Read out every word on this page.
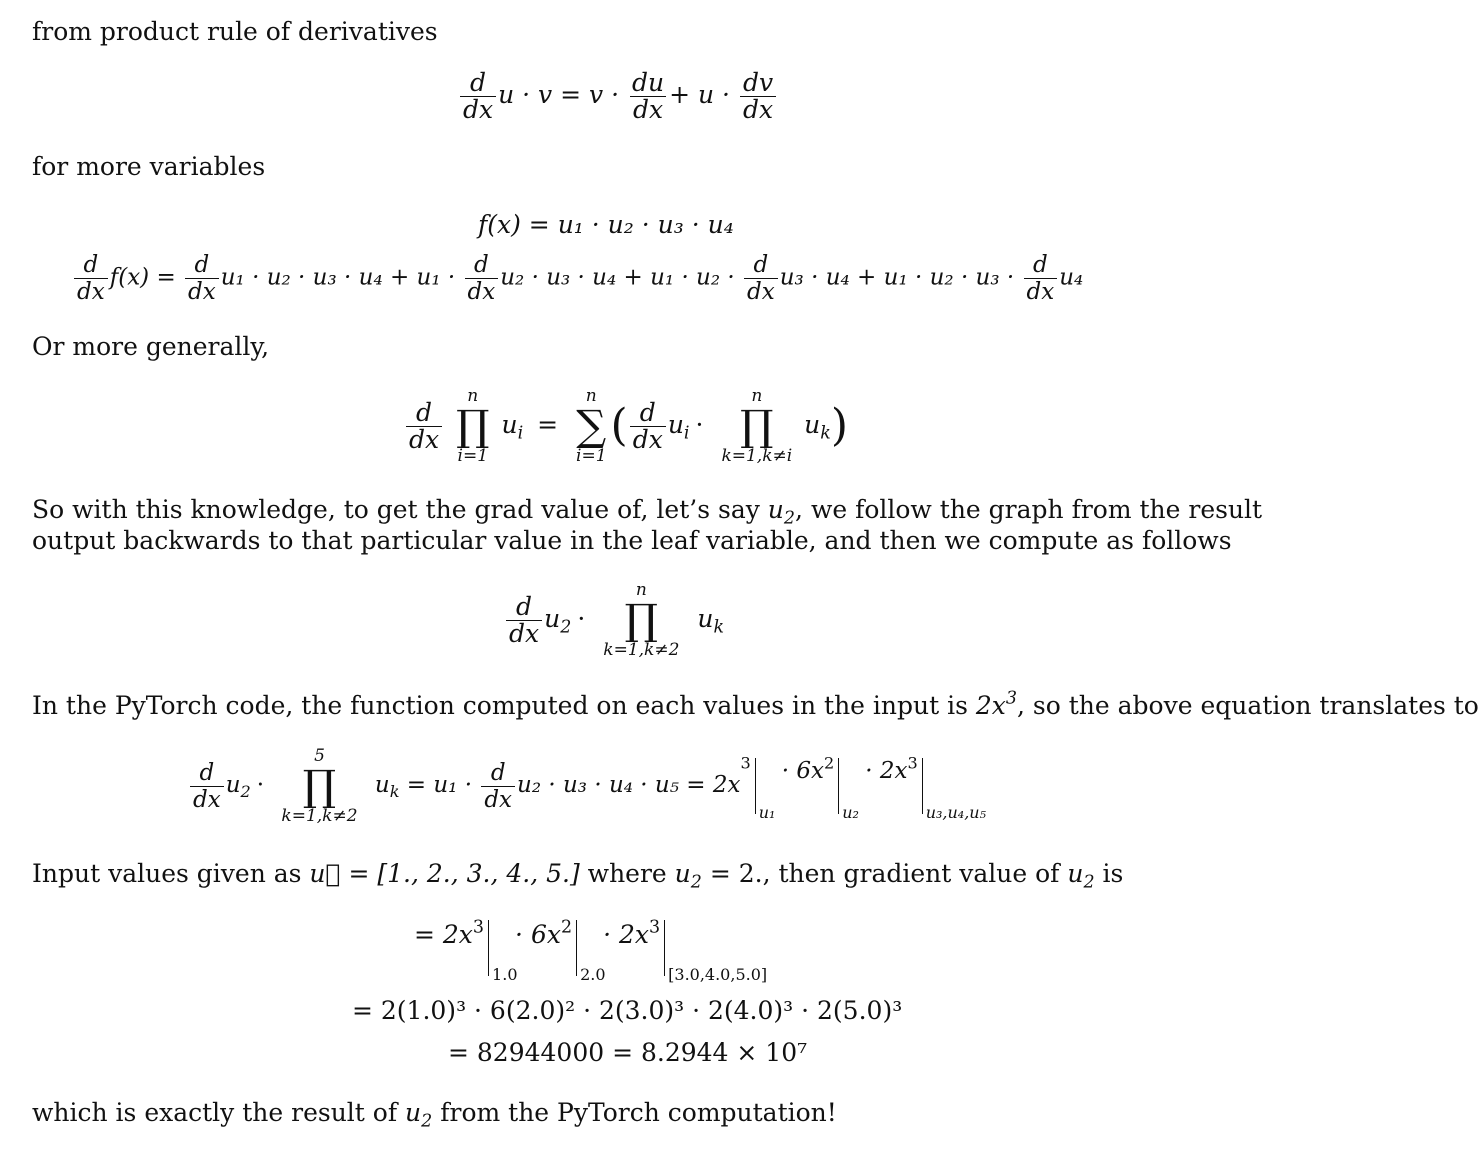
from product rule of derivatives
$\frac{d}{dx}$ $u \cdot v = v \cdot \frac{du}{dx} + u \cdot \frac{dv}{dx}$
for more variables
f(x) = u₁ · u₂ · u₃ · u₄
$\frac{d}{dx} f(x) = \frac{d}{dx} u_1 \cdot u_2 \cdot u_3 \cdot u_4 + u_1 \cdot \frac{d}{dx} u_2 \cdot u_3 \cdot u_4 + u_1 \cdot u_2 \cdot \frac{d}{dx} u_3 \cdot u_4 + u_1 \cdot u_2 \cdot u_3 \cdot \frac{d}{dx} u_4$
Or more generally,
$\frac{d}{dx}$

n
∏
i=1
$u_i$ =
n
∑
i=1
( $\frac{d}{dx} u_i$ ·
n
∏
k=1,k≠i
$u_k$)
So with this knowledge, to get the grad value of, let’s say $u_2$, we follow the graph from the result
output backwards to that particular value in the leaf variable, and then we compute as follows
$\frac{d}{dx} u_2$ ·
n
∏
k=1,k≠2
$u_k$
In the PyTorch code, the function computed on each values in the input is $2x^3$, so the above equation translates to
$\frac{d}{dx} u_2$ ·
5
∏
k=1,k≠2
$u_k = u_1 \cdot \frac{d}{dx} u_2 \cdot u_3 \cdot u_4 \cdot u_5 = 2x^3$
u₁
· $6x^2$
u₂
· $2x^3$
u₃,u₄,u₅
Input values given as u⃗ = [1., 2., 3., 4., 5.] where $u_2 = 2$., then gradient value of $u_2$ is
= $2x^3$
1.0
· $6x^2$
2.0
· $2x^3$
[3.0,4.0,5.0]
= 2(1.0)³ · 6(2.0)² · 2(3.0)³ · 2(4.0)³ · 2(5.0)³
= 82944000 = 8.2944 × 10⁷
which is exactly the result of $u_2$ from the PyTorch computation!
